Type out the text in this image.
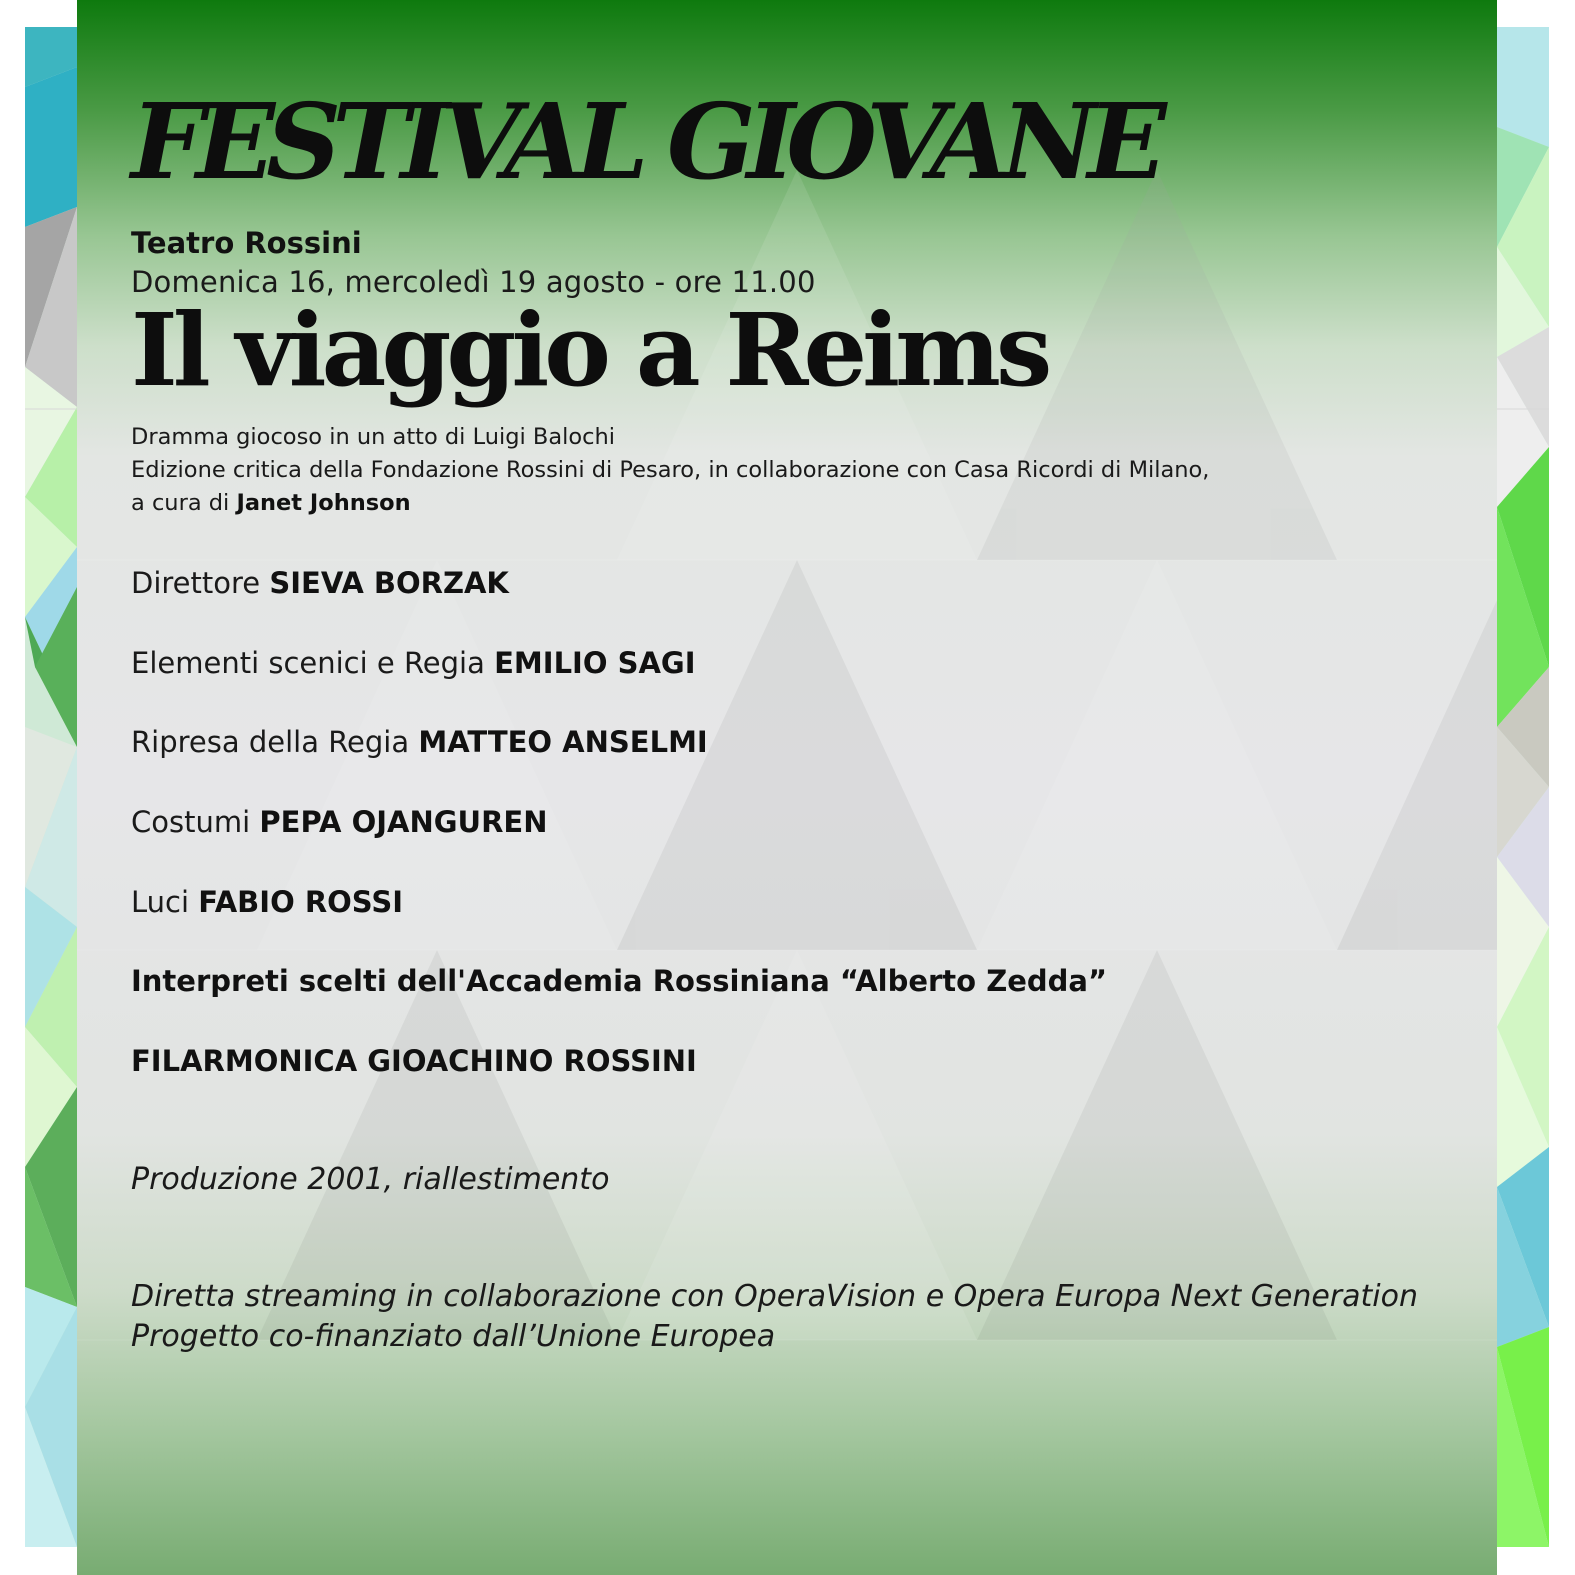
FESTIVAL GIOVANE
Teatro Rossini
Domenica 16, mercoledì 19 agosto - ore 11.00
Il viaggio a Reims
Dramma giocoso in un atto di Luigi Balochi
Edizione critica della Fondazione Rossini di Pesaro, in collaborazione con Casa Ricordi di Milano,
a cura di Janet Johnson
Direttore SIEVA BORZAK
Elementi scenici e Regia EMILIO SAGI
Ripresa della Regia MATTEO ANSELMI
Costumi PEPA OJANGUREN
Luci FABIO ROSSI
Interpreti scelti dell'Accademia Rossiniana “Alberto Zedda”
FILARMONICA GIOACHINO ROSSINI
Produzione 2001, riallestimento
Diretta streaming in collaborazione con OperaVision e Opera Europa Next Generation
Progetto co-finanziato dall’Unione Europea
